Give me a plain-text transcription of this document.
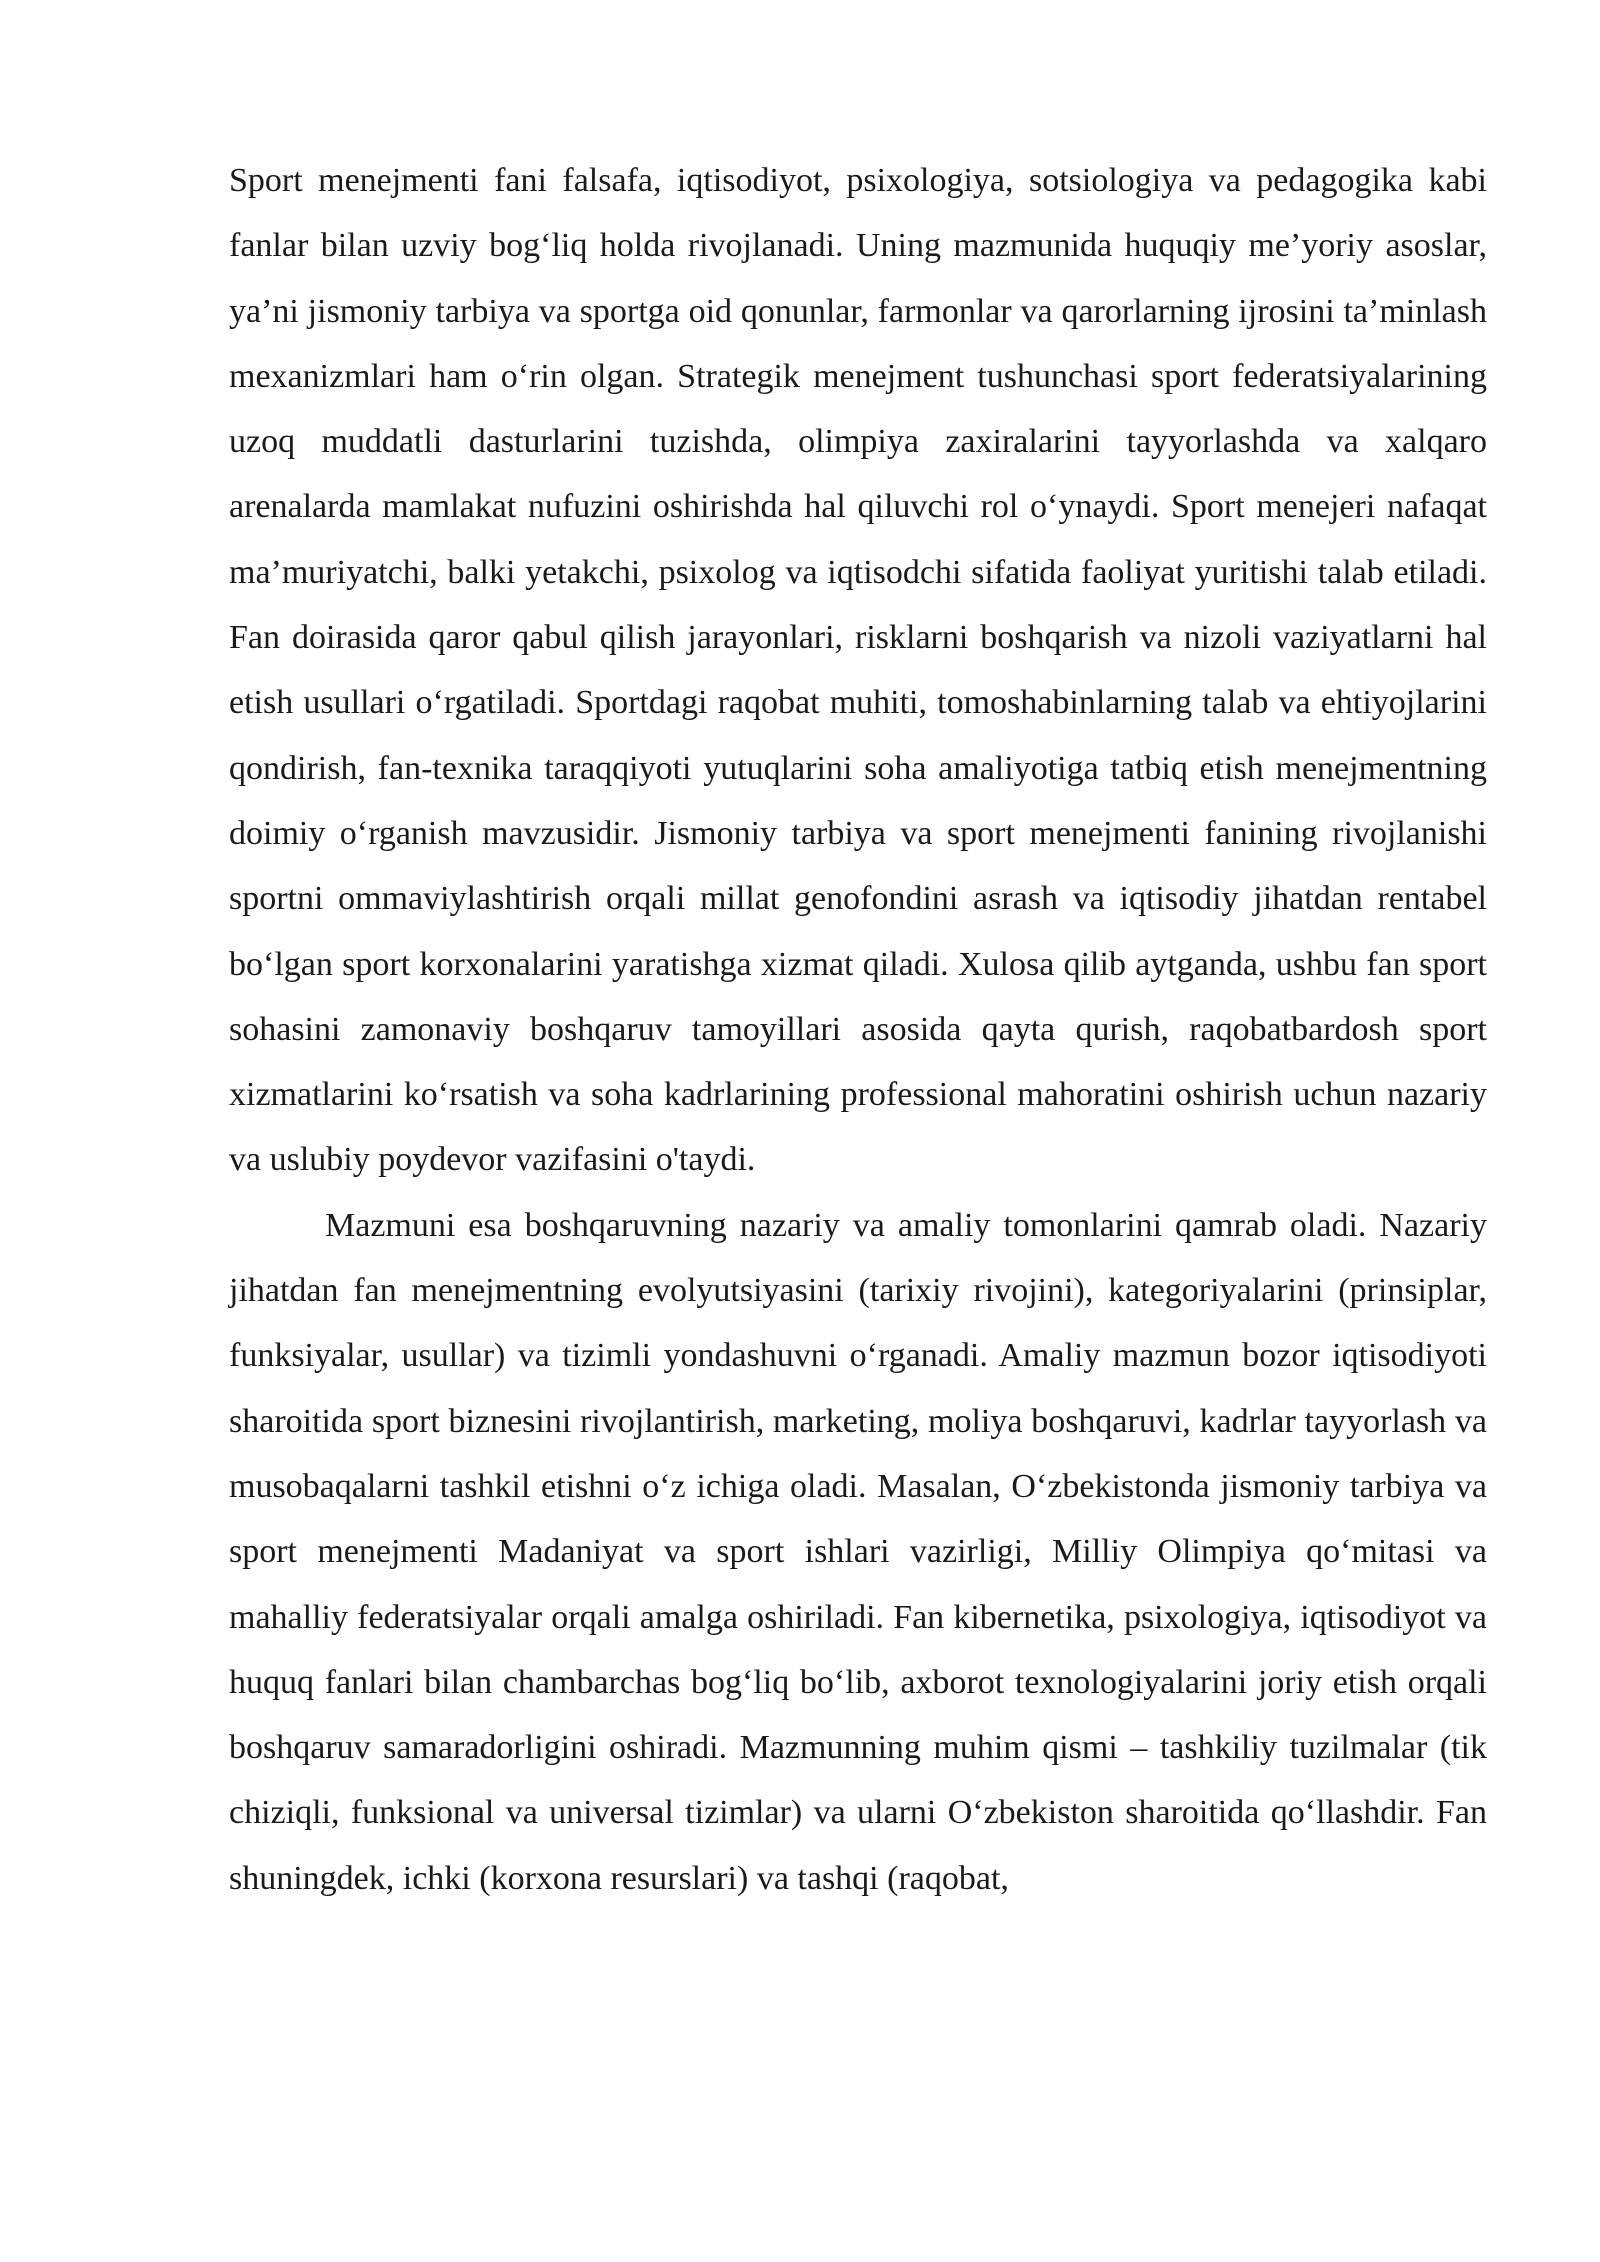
Sport menejmenti fani falsafa, iqtisodiyot, psixologiya, sotsiologiya va pedagogika kabi fanlar bilan uzviy bog‘liq holda rivojlanadi. Uning mazmunida huquqiy me’yoriy asoslar, ya’ni jismoniy tarbiya va sportga oid qonunlar, farmonlar va qarorlarning ijrosini ta’minlash mexanizmlari ham o‘rin olgan. Strategik menejment tushunchasi sport federatsiyalarining uzoq muddatli dasturlarini tuzishda, olimpiya zaxiralarini tayyorlashda va xalqaro arenalarda mamlakat nufuzini oshirishda hal qiluvchi rol o‘ynaydi. Sport menejeri nafaqat ma’muriyatchi, balki yetakchi, psixolog va iqtisodchi sifatida faoliyat yuritishi talab etiladi. Fan doirasida qaror qabul qilish jarayonlari, risklarni boshqarish va nizoli vaziyatlarni hal etish usullari o‘rgatiladi. Sportdagi raqobat muhiti, tomoshabinlarning talab va ehtiyojlarini qondirish, fan-texnika taraqqiyoti yutuqlarini soha amaliyotiga tatbiq etish menejmentning doimiy o‘rganish mavzusidir. Jismoniy tarbiya va sport menejmenti fanining rivojlanishi sportni ommaviylashtirish orqali millat genofondini asrash va iqtisodiy jihatdan rentabel bo‘lgan sport korxonalarini yaratishga xizmat qiladi. Xulosa qilib aytganda, ushbu fan sport sohasini zamonaviy boshqaruv tamoyillari asosida qayta qurish, raqobatbardosh sport xizmatlarini ko‘rsatish va soha kadrlarining professional mahoratini oshirish uchun nazariy va uslubiy poydevor vazifasini o'taydi.

Mazmuni esa boshqaruvning nazariy va amaliy tomonlarini qamrab oladi. Nazariy jihatdan fan menejmentning evolyutsiyasini (tarixiy rivojini), kategoriyalarini (prinsiplar, funksiyalar, usullar) va tizimli yondashuvni o‘rganadi. Amaliy mazmun bozor iqtisodiyoti sharoitida sport biznesini rivojlantirish, marketing, moliya boshqaruvi, kadrlar tayyorlash va musobaqalarni tashkil etishni o‘z ichiga oladi. Masalan, O‘zbekistonda jismoniy tarbiya va sport menejmenti Madaniyat va sport ishlari vazirligi, Milliy Olimpiya qo‘mitasi va mahalliy federatsiyalar orqali amalga oshiriladi. Fan kibernetika, psixologiya, iqtisodiyot va huquq fanlari bilan chambarchas bog‘liq bo‘lib, axborot texnologiyalarini joriy etish orqali boshqaruv samaradorligini oshiradi. Mazmunning muhim qismi – tashkiliy tuzilmalar (tik chiziqli, funksional va universal tizimlar) va ularni O‘zbekiston sharoitida qo‘llashdir. Fan shuningdek, ichki (korxona resurslari) va tashqi (raqobat,
